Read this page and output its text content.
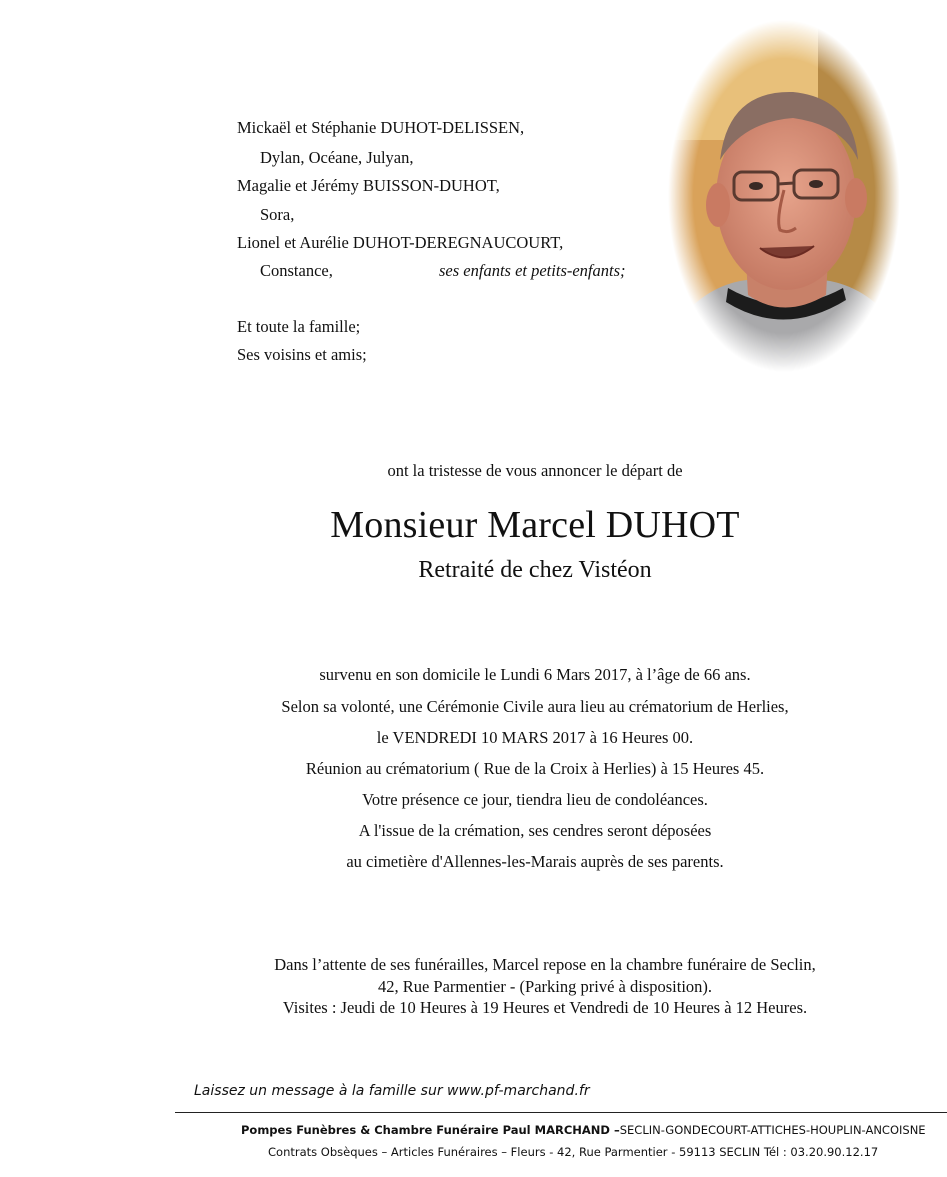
Mickaël et Stéphanie DUHOT-DELISSEN,
Dylan, Océane, Julyan,
Magalie et Jérémy BUISSON-DUHOT,
Sora,
Lionel et Aurélie DUHOT-DEREGNAUCOURT,
Constance,	ses enfants et petits-enfants;
Et toute la famille;
Ses voisins et amis;
ont la tristesse de vous annoncer le départ de
Monsieur Marcel DUHOT
Retraité de chez Vistéon
survenu en son domicile le Lundi 6 Mars 2017, à l’âge de 66 ans.
Selon sa volonté, une Cérémonie Civile aura lieu au crématorium de Herlies,
le VENDREDI 10 MARS 2017 à 16 Heures 00.
Réunion au crématorium ( Rue de la Croix à Herlies) à 15 Heures 45.
Votre présence ce jour, tiendra lieu de condoléances.
A l'issue de la crémation, ses cendres seront déposées
au cimetière d'Allennes-les-Marais auprès de ses parents.
Dans l’attente de ses funérailles, Marcel repose en la chambre funéraire de Seclin,
42, Rue Parmentier - (Parking privé à disposition).
Visites : Jeudi de 10 Heures à 19 Heures et Vendredi de 10 Heures à 12 Heures.
Laissez un message à la famille sur www.pf-marchand.fr
Pompes Funèbres & Chambre Funéraire Paul MARCHAND –SECLIN-GONDECOURT-ATTICHES-HOUPLIN-ANCOISNE
Contrats Obsèques – Articles Funéraires – Fleurs - 42, Rue Parmentier - 59113 SECLIN Tél : 03.20.90.12.17
